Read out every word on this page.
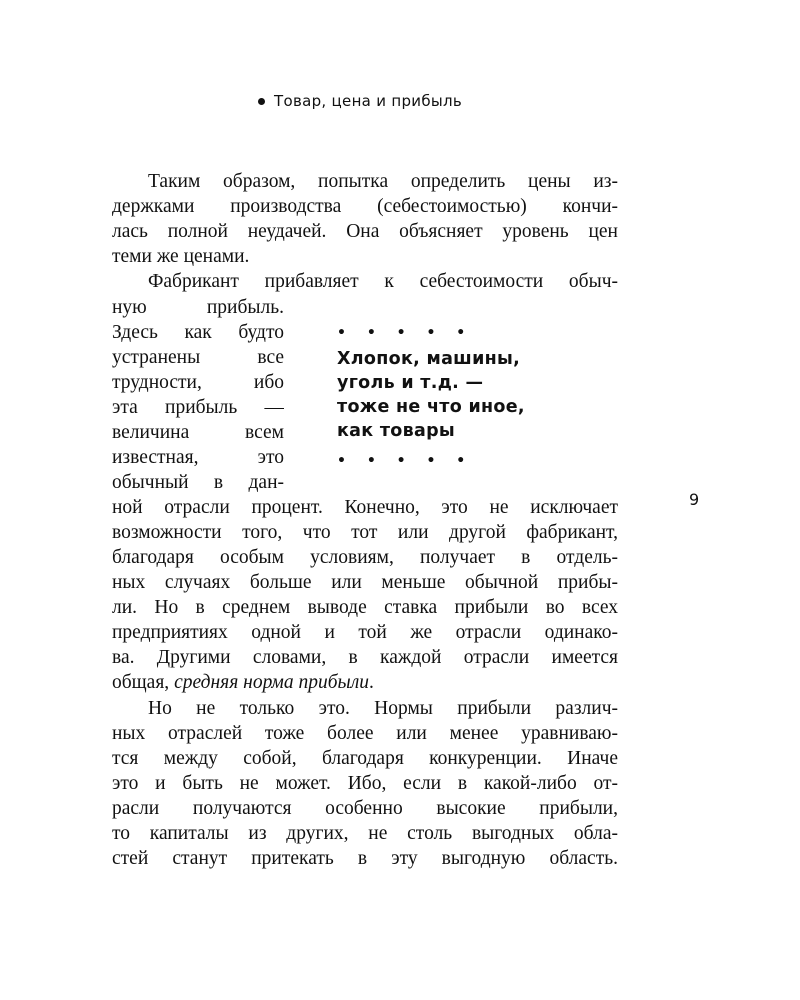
Товар, цена и прибыль
Таким образом, попытка определить цены из-
держками производства (себестоимостью) кончи-
лась полной неудачей. Она объясняет уровень цен
теми же ценами.
Фабрикант прибавляет к себестоимости обыч-
ную прибыль.
Здесь как будто
устранены все
трудности, ибо
эта прибыль —
величина всем
известная, это
обычный в дан-
• • • • •
Хлопок, машины,
уголь и т.д. —
тоже не что иное,
как товары
• • • • •
ной отрасли процент. Конечно, это не исключает
возможности того, что тот или другой фабрикант,
благодаря особым условиям, получает в отдель-
ных случаях больше или меньше обычной прибы-
ли. Но в среднем выводе ставка прибыли во всех
предприятиях одной и той же отрасли одинако-
ва. Другими словами, в каждой отрасли имеется
общая, средняя норма прибыли.
Но не только это. Нормы прибыли различ-
ных отраслей тоже более или менее уравниваю-
тся между собой, благодаря конкуренции. Иначе
это и быть не может. Ибо, если в какой-либо от-
расли получаются особенно высокие прибыли,
то капиталы из других, не столь выгодных обла-
стей станут притекать в эту выгодную область.
9
